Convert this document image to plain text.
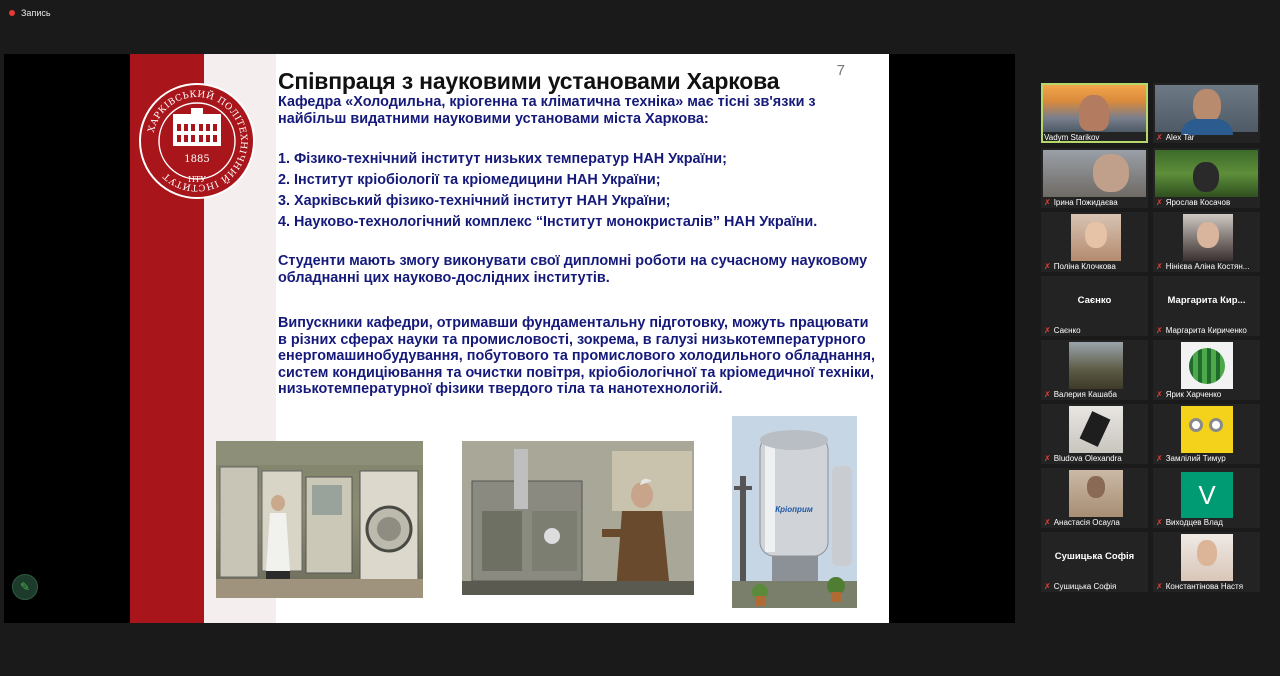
Запись
ХАРКІВСЬКИЙ ПОЛІТЕХНІЧНИЙ ІНСТИТУТ
1885
НТУ
Співпраця з науковими установами Харкова	7
Кафедра «Холодильна, кріогенна та кліматична техніка» має тісні зв'язки з найбільш видатними науковими установами міста Харкова:
1. Фізико-технічний інститут низьких температур НАН України;
2. Інститут кріобіології та кріомедицини НАН України;
3. Харківський фізико-технічний інститут НАН України;
4. Науково-технологічний комплекс “Інститут монокристалів” НАН України.
Студенти мають змогу виконувати свої дипломні роботи на сучасному науковому обладнанні цих науково-дослідних інститутів.
Випускники кафедри, отримавши фундаментальну підготовку, можуть працювати в різних сферах науки та промисловості, зокрема, в галузі низькотемпературного енергомашинобудування, побутового та промислового холодильного обладнання, систем кондиціювання та очистки повітря, кріобіологічної та кріомедичної техніки, низькотемпературної фізики твердого тіла та нанотехнологій.
Кріоприм
Vadym Starikov	✗ Alex Tar
✗ Ірина Пожидаєва	✗ Ярослав Косачов
✗ Поліна Клочкова	✗ Нінієва Аліна Костян...
Саєнко
✗ Саєнко
Маргарита Кир...
✗ Маргарита Кириченко
✗ Валерия Кашаба	✗ Ярик Харченко
✗ Bludova Olexandra	✗ Замлілий Тимур
✗ Анастасія Осаула
V
✗ Виходцев Влад
Сушицька Софія
✗ Сушицька Софія	✗ Константінова Настя
✎
